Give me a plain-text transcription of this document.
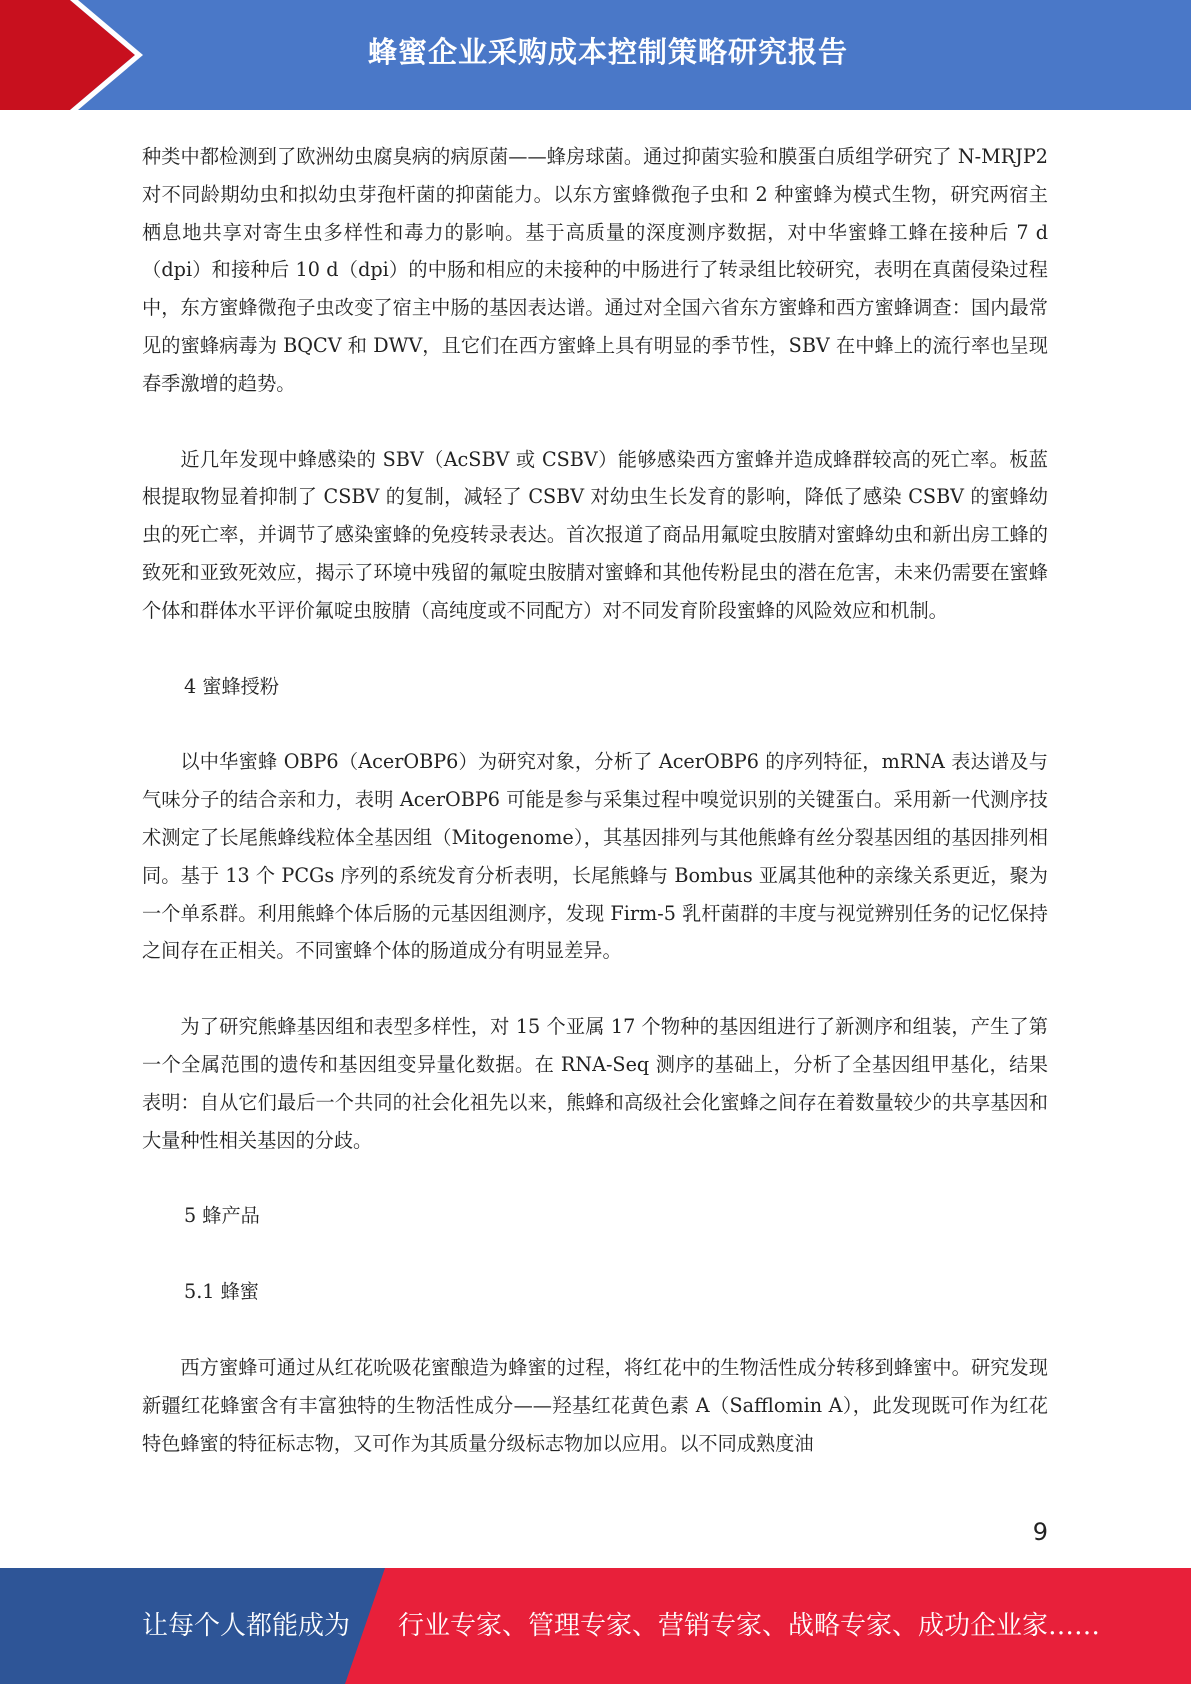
蜂蜜企业采购成本控制策略研究报告

种类中都检测到了欧洲幼虫腐臭病的病原菌——蜂房球菌。通过抑菌实验和膜蛋白质组学研究了 N-MRJP2 对不同龄期幼虫和拟幼虫芽孢杆菌的抑菌能力。以东方蜜蜂微孢子虫和 2 种蜜蜂为模式生物，研究两宿主栖息地共享对寄生虫多样性和毒力的影响。基于高质量的深度测序数据，对中华蜜蜂工蜂在接种后 7 d（dpi）和接种后 10 d（dpi）的中肠和相应的未接种的中肠进行了转录组比较研究，表明在真菌侵染过程中，东方蜜蜂微孢子虫改变了宿主中肠的基因表达谱。通过对全国六省东方蜜蜂和西方蜜蜂调查：国内最常见的蜜蜂病毒为 BQCV 和 DWV，且它们在西方蜜蜂上具有明显的季节性，SBV 在中蜂上的流行率也呈现春季激增的趋势。

近几年发现中蜂感染的 SBV（AcSBV 或 CSBV）能够感染西方蜜蜂并造成蜂群较高的死亡率。板蓝根提取物显着抑制了 CSBV 的复制，减轻了 CSBV 对幼虫生长发育的影响，降低了感染 CSBV 的蜜蜂幼虫的死亡率，并调节了感染蜜蜂的免疫转录表达。首次报道了商品用氟啶虫胺腈对蜜蜂幼虫和新出房工蜂的致死和亚致死效应，揭示了环境中残留的氟啶虫胺腈对蜜蜂和其他传粉昆虫的潜在危害，未来仍需要在蜜蜂个体和群体水平评价氟啶虫胺腈（高纯度或不同配方）对不同发育阶段蜜蜂的风险效应和机制。

4 蜜蜂授粉

以中华蜜蜂 OBP6（AcerOBP6）为研究对象，分析了 AcerOBP6 的序列特征，mRNA 表达谱及与气味分子的结合亲和力，表明 AcerOBP6 可能是参与采集过程中嗅觉识别的关键蛋白。采用新一代测序技术测定了长尾熊蜂线粒体全基因组（Mitogenome），其基因排列与其他熊蜂有丝分裂基因组的基因排列相同。基于 13 个 PCGs 序列的系统发育分析表明，长尾熊蜂与 Bombus 亚属其他种的亲缘关系更近，聚为一个单系群。利用熊蜂个体后肠的元基因组测序，发现 Firm-5 乳杆菌群的丰度与视觉辨别任务的记忆保持之间存在正相关。不同蜜蜂个体的肠道成分有明显差异。

为了研究熊蜂基因组和表型多样性，对 15 个亚属 17 个物种的基因组进行了新测序和组装，产生了第一个全属范围的遗传和基因组变异量化数据。在 RNA-Seq 测序的基础上，分析了全基因组甲基化，结果表明：自从它们最后一个共同的社会化祖先以来，熊蜂和高级社会化蜜蜂之间存在着数量较少的共享基因和大量种性相关基因的分歧。

5 蜂产品
5.1 蜂蜜

西方蜜蜂可通过从红花吮吸花蜜酿造为蜂蜜的过程，将红花中的生物活性成分转移到蜂蜜中。研究发现新疆红花蜂蜜含有丰富独特的生物活性成分——羟基红花黄色素 A（Safflomin A），此发现既可作为红花特色蜂蜜的特征标志物，又可作为其质量分级标志物加以应用。以不同成熟度油

9
让每个人都能成为 行业专家、管理专家、营销专家、战略专家、成功企业家……
